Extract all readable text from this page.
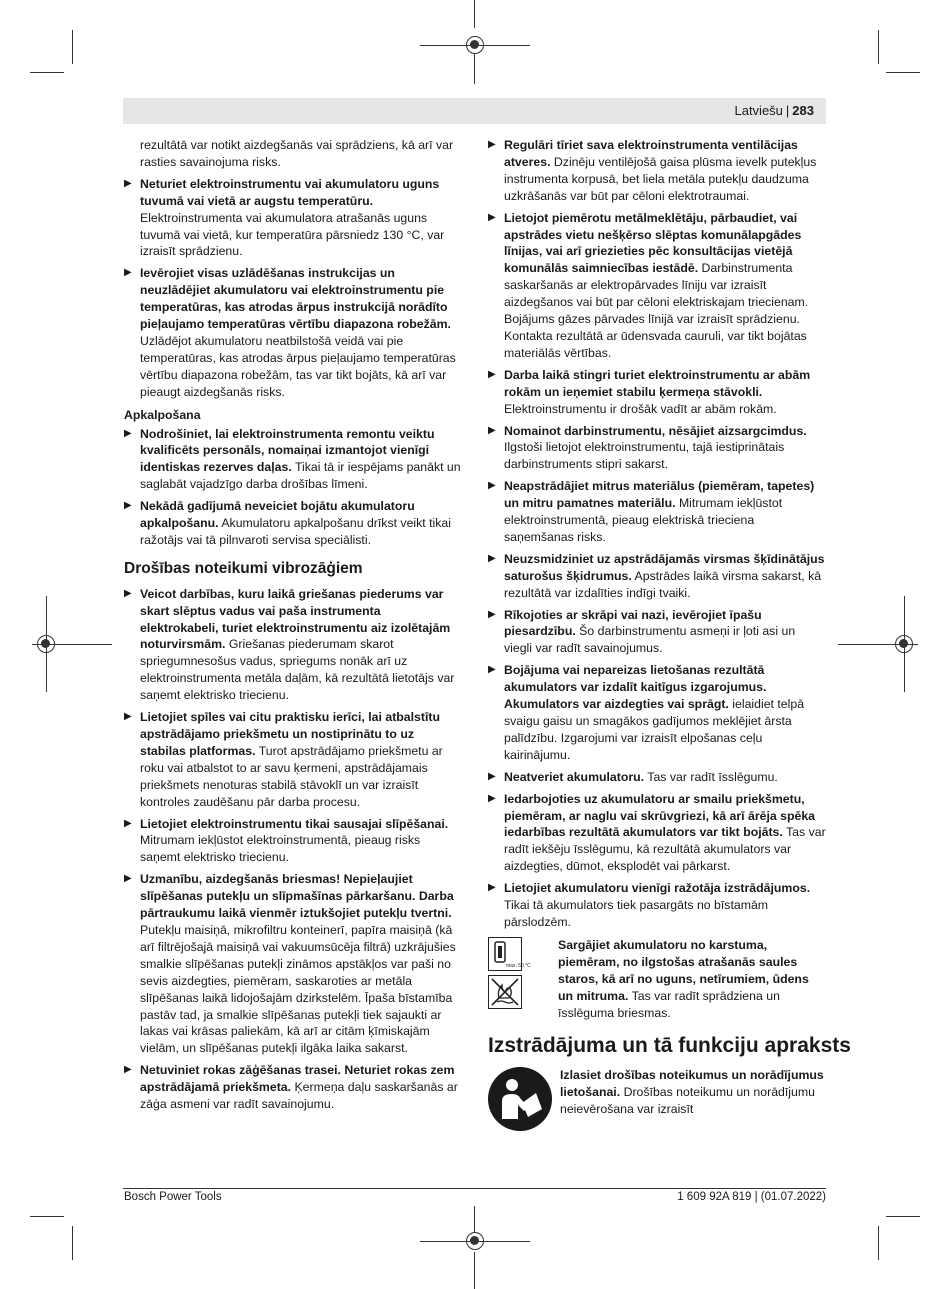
Latviešu | 283

rezultātā var notikt aizdegšanās vai sprādziens, kā arī var rasties savainojuma risks.

▶ Neturiet elektroinstrumentu vai akumulatoru uguns tuvumā vai vietā ar augstu temperatūru. Elektroinstrumenta vai akumulatora atrašanās uguns tuvumā vai vietā, kur temperatūra pārsniedz 130 °C, var izraisīt sprādzienu.
▶ Ievērojiet visas uzlādēšanas instrukcijas un neuzlādējiet akumulatoru vai elektroinstrumentu pie temperatūras, kas atrodas ārpus instrukcijā norādīto pieļaujamo temperatūras vērtību diapazona robežām. Uzlādējot akumulatoru neatbilstošā veidā vai pie temperatūras, kas atrodas ārpus pieļaujamo temperatūras vērtību diapazona robežām, tas var tikt bojāts, kā arī var pieaugt aizdegšanās risks.
Apkalpošana
▶ Nodrošiniet, lai elektroinstrumenta remontu veiktu kvalificēts personāls, nomaiņai izmantojot vienīgi identiskas rezerves daļas. Tikai tā ir iespējams panākt un saglabāt vajadzīgo darba drošības līmeni.
▶ Nekādā gadījumā neveiciet bojātu akumulatoru apkalpošanu. Akumulatoru apkalpošanu drīkst veikt tikai ražotājs vai tā pilnvaroti servisa speciālisti.
Drošības noteikumi vibrozāģiem
▶ Veicot darbības, kuru laikā griešanas piederums var skart slēptus vadus vai paša instrumenta elektrokabeli, turiet elektroinstrumentu aiz izolētajām noturvirsmām. Griešanas piederumam skarot spriegumnesošus vadus, spriegums nonāk arī uz elektroinstrumenta metāla daļām, kā rezultātā lietotājs var saņemt elektrisko triecienu.
▶ Lietojiet spīles vai citu praktisku ierīci, lai atbalstītu apstrādājamo priekšmetu un nostiprinātu to uz stabilas platformas. Turot apstrādājamo priekšmetu ar roku vai atbalstot to ar savu ķermeni, apstrādājamais priekšmets nenoturas stabilā stāvoklī un var izraisīt kontroles zaudēšanu pār darba procesu.
▶ Lietojiet elektroinstrumentu tikai sausajai slīpēšanai. Mitrumam iekļūstot elektroinstrumentā, pieaug risks saņemt elektrisko triecienu.
▶ Uzmanību, aizdegšanās briesmas! Nepieļaujiet slīpēšanas putekļu un slīpmašīnas pārkaršanu. Darba pārtraukumu laikā vienmēr iztukšojiet putekļu tvertni. Putekļu maisiņā, mikrofiltru konteinerī, papīra maisiņā (kā arī filtrējošajā maisiņā vai vakuumsūcēja filtrā) uzkrājušies smalkie slīpēšanas putekļi zināmos apstākļos var paši no sevis aizdegties, piemēram, saskaroties ar metāla slīpēšanas laikā lidojošajām dzirkstelēm. Īpaša bīstamība pastāv tad, ja smalkie slīpēšanas putekļi tiek sajaukti ar lakas vai krāsas paliekām, kā arī ar citām ķīmiskajām vielām, un slīpēšanas putekļi ilgāka laika sakarst.
▶ Netuviniet rokas zāģēšanas trasei. Neturiet rokas zem apstrādājamā priekšmeta. Ķermeņa daļu saskaršanās ar zāģa asmeni var radīt savainojumu.
▶ Regulāri tīriet sava elektroinstrumenta ventilācijas atveres. Dzinēju ventilējošā gaisa plūsma ievelk putekļus instrumenta korpusā, bet liela metāla putekļu daudzuma uzkrāšanās var būt par cēloni elektrotraumai.
▶ Lietojot piemērotu metālmeklētāju, pārbaudiet, vai apstrādes vietu nešķērso slēptas komunālapgādes līnijas, vai arī griezieties pēc konsultācijas vietējā komunālās saimniecības iestādē. Darbinstrumenta saskaršanās ar elektropārvades līniju var izraisīt aizdegšanos vai būt par cēloni elektriskajam triecienam. Bojājums gāzes pārvades līnijā var izraisīt sprādzienu. Kontakta rezultātā ar ūdensvada cauruli, var tikt bojātas materiālās vērtības.
▶ Darba laikā stingri turiet elektroinstrumentu ar abām rokām un ieņemiet stabilu ķermeņa stāvokli. Elektroinstrumentu ir drošāk vadīt ar abām rokām.
▶ Nomainot darbinstrumentu, nēsājiet aizsargcimdus. Ilgstoši lietojot elektroinstrumentu, tajā iestiprinātais darbinstruments stipri sakarst.
▶ Neapstrādājiet mitrus materiālus (piemēram, tapetes) un mitru pamatnes materiālu. Mitrumam iekļūstot elektroinstrumentā, pieaug elektriskā trieciena saņemšanas risks.
▶ Neuzsmidziniet uz apstrādājamās virsmas šķīdinātājus saturošus šķidrumus. Apstrādes laikā virsma sakarst, kā rezultātā var izdalīties indīgi tvaiki.
▶ Rīkojoties ar skrāpi vai nazi, ievērojiet īpašu piesardzību. Šo darbinstrumentu asmeņi ir ļoti asi un viegli var radīt savainojumus.
▶ Bojājuma vai nepareizas lietošanas rezultātā akumulators var izdalīt kaitīgus izgarojumus. Akumulators var aizdegties vai sprāgt. ielaidiet telpā svaigu gaisu un smagākos gadījumos meklējiet ārsta palīdzību. Izgarojumi var izraisīt elpošanas ceļu kairinājumu.
▶ Neatveriet akumulatoru. Tas var radīt īsslēgumu.
▶ Iedarbojoties uz akumulatoru ar smailu priekšmetu, piemēram, ar naglu vai skrūvgriezi, kā arī ārēja spēka iedarbības rezultātā akumulators var tikt bojāts. Tas var radīt iekšēju īsslēgumu, kā rezultātā akumulators var aizdegties, dūmot, eksplodēt vai pārkarst.
▶ Lietojiet akumulatoru vienīgi ražotāja izstrādājumos. Tikai tā akumulators tiek pasargāts no bīstamām pārslodzēm.
max. 50 °C
Sargājiet akumulatoru no karstuma, piemēram, no ilgstošas atrašanās saules staros, kā arī no uguns, netīrumiem, ūdens un mitruma. Tas var radīt sprādziena un īsslēguma briesmas.
Izstrādājuma un tā funkciju apraksts
Izlasiet drošības noteikumus un norādījumus lietošanai. Drošības noteikumu un norādījumu neievērošana var izraisīt
Bosch Power Tools	1 609 92A 819 | (01.07.2022)
